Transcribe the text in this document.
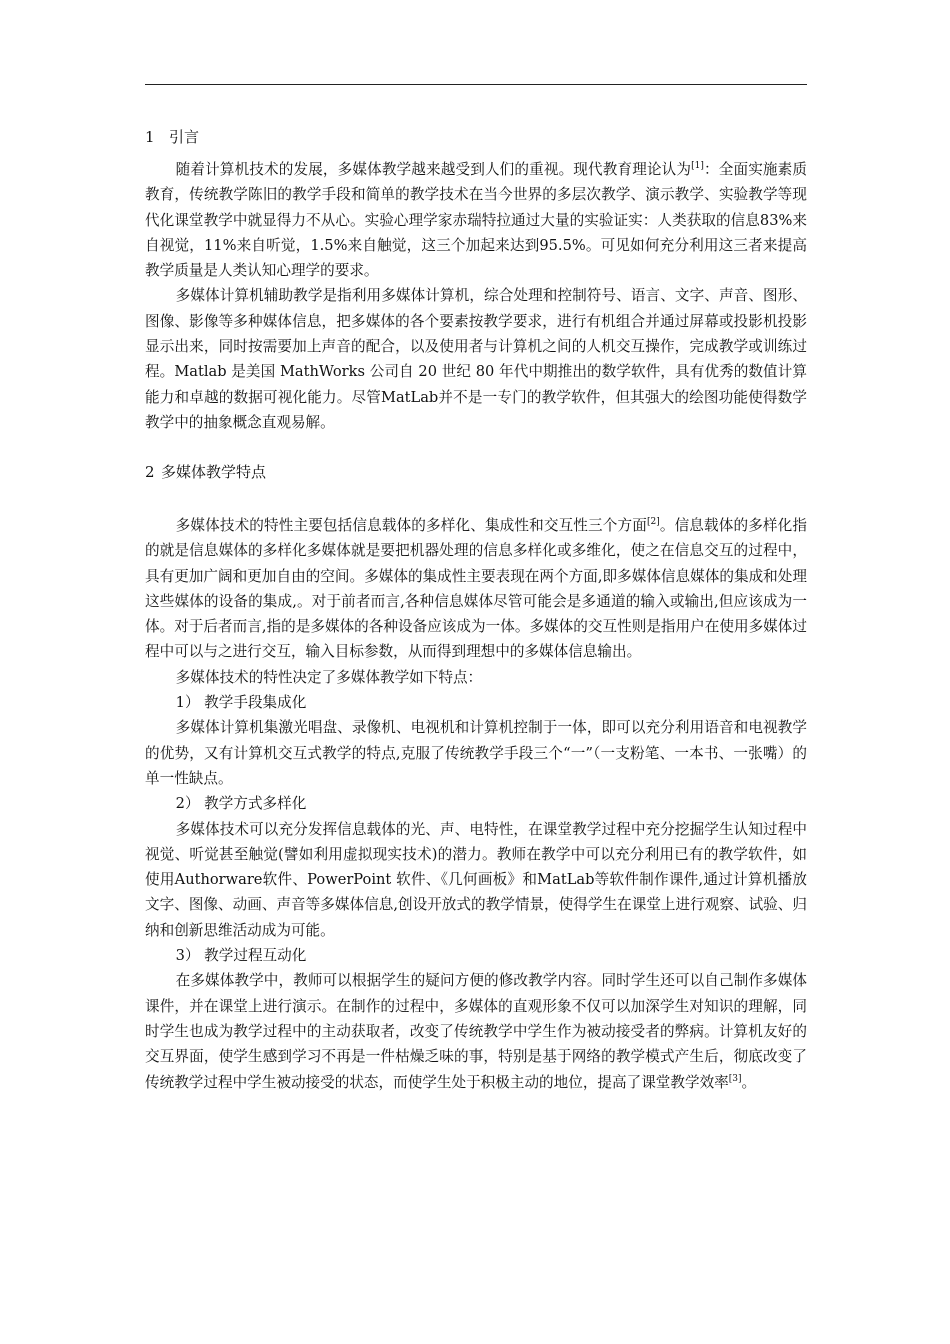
1 引言

随着计算机技术的发展，多媒体教学越来越受到人们的重视。现代教育理论认为[1]：全面实施素质教育，传统教学陈旧的教学手段和简单的教学技术在当今世界的多层次教学、演示教学、实验教学等现代化课堂教学中就显得力不从心。实验心理学家赤瑞特拉通过大量的实验证实：人类获取的信息83%来自视觉，11%来自听觉，1.5%来自触觉，这三个加起来达到95.5%。可见如何充分利用这三者来提高教学质量是人类认知心理学的要求。

多媒体计算机辅助教学是指利用多媒体计算机，综合处理和控制符号、语言、文字、声音、图形、图像、影像等多种媒体信息，把多媒体的各个要素按教学要求，进行有机组合并通过屏幕或投影机投影显示出来，同时按需要加上声音的配合，以及使用者与计算机之间的人机交互操作，完成教学或训练过程。Matlab 是美国 MathWorks 公司自 20 世纪 80 年代中期推出的数学软件，具有优秀的数值计算能力和卓越的数据可视化能力。尽管MatLab并不是一专门的教学软件，但其强大的绘图功能使得数学教学中的抽象概念直观易解。

2 多媒体教学特点

多媒体技术的特性主要包括信息载体的多样化、集成性和交互性三个方面[2]。信息载体的多样化指的就是信息媒体的多样化多媒体就是要把机器处理的信息多样化或多维化，使之在信息交互的过程中，具有更加广阔和更加自由的空间。多媒体的集成性主要表现在两个方面,即多媒体信息媒体的集成和处理这些媒体的设备的集成,。对于前者而言,各种信息媒体尽管可能会是多通道的输入或输出,但应该成为一体。对于后者而言,指的是多媒体的各种设备应该成为一体。多媒体的交互性则是指用户在使用多媒体过程中可以与之进行交互，输入目标参数，从而得到理想中的多媒体信息输出。

多媒体技术的特性决定了多媒体教学如下特点：

1） 教学手段集成化

多媒体计算机集激光唱盘、录像机、电视机和计算机控制于一体，即可以充分利用语音和电视教学的优势，又有计算机交互式教学的特点,克服了传统教学手段三个“一”（一支粉笔、一本书、一张嘴）的单一性缺点。

2） 教学方式多样化

多媒体技术可以充分发挥信息载体的光、声、电特性，在课堂教学过程中充分挖掘学生认知过程中视觉、听觉甚至触觉(譬如利用虚拟现实技术)的潜力。教师在教学中可以充分利用已有的教学软件，如使用Authorware软件、PowerPoint 软件、《几何画板》和MatLab等软件制作课件,通过计算机播放文字、图像、动画、声音等多媒体信息,创设开放式的教学情景，使得学生在课堂上进行观察、试验、归纳和创新思维活动成为可能。

3） 教学过程互动化

在多媒体教学中，教师可以根据学生的疑问方便的修改教学内容。同时学生还可以自己制作多媒体课件，并在课堂上进行演示。在制作的过程中，多媒体的直观形象不仅可以加深学生对知识的理解，同时学生也成为教学过程中的主动获取者，改变了传统教学中学生作为被动接受者的弊病。计算机友好的交互界面，使学生感到学习不再是一件枯燥乏味的事，特别是基于网络的教学模式产生后，彻底改变了传统教学过程中学生被动接受的状态，而使学生处于积极主动的地位，提高了课堂教学效率[3]。
